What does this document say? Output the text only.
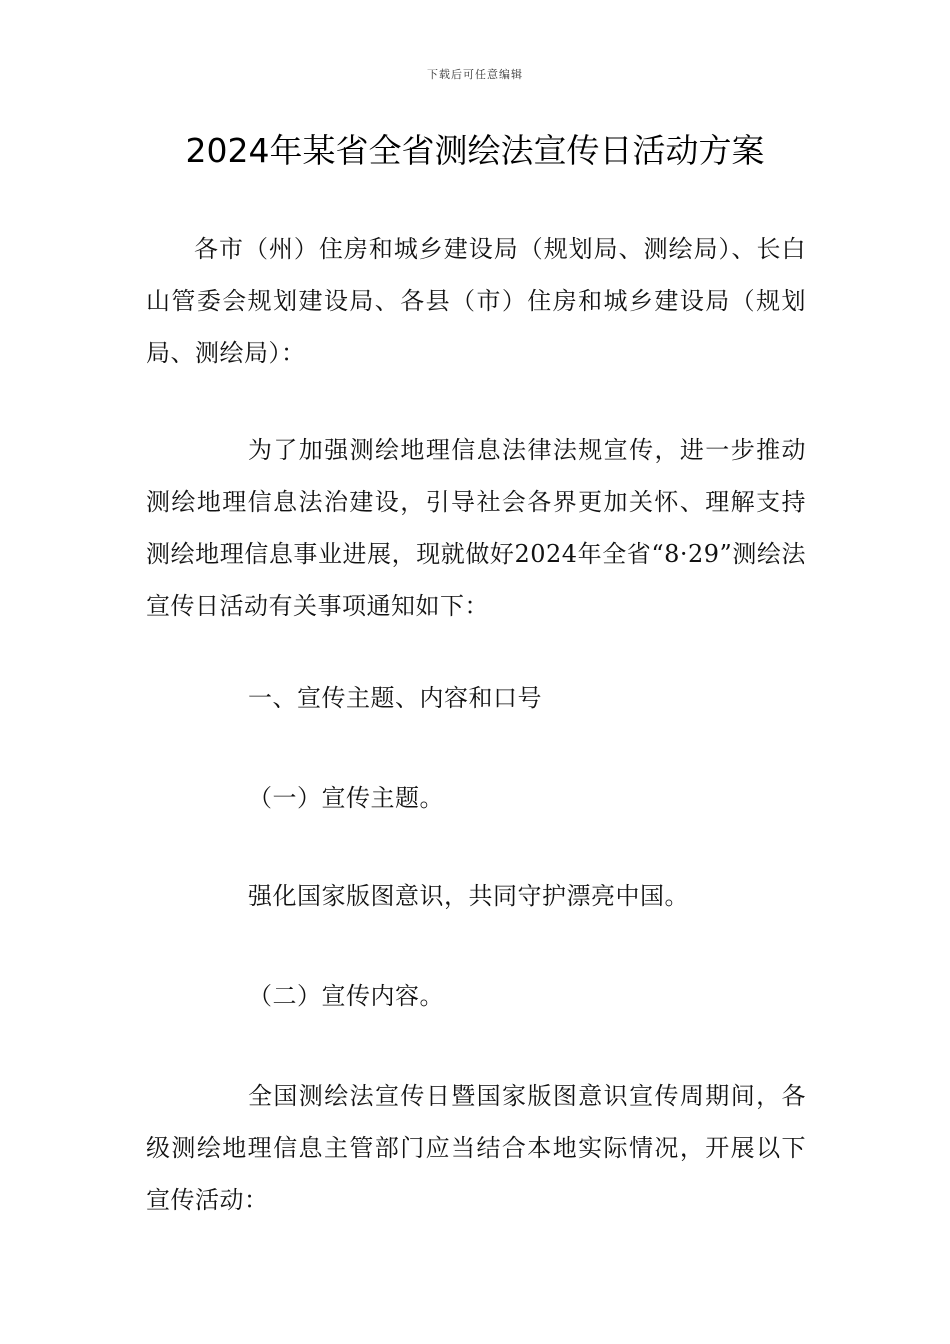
下载后可任意编辑
2024年某省全省测绘法宣传日活动方案

各市（州）住房和城乡建设局（规划局、测绘局）、长白山管委会规划建设局、各县（市）住房和城乡建设局（规划局、测绘局）：

为了加强测绘地理信息法律法规宣传，进一步推动测绘地理信息法治建设，引导社会各界更加关怀、理解支持测绘地理信息事业进展，现就做好2024年全省“8·29”测绘法宣传日活动有关事项通知如下：

一、宣传主题、内容和口号

（一）宣传主题。

强化国家版图意识，共同守护漂亮中国。

（二）宣传内容。

全国测绘法宣传日暨国家版图意识宣传周期间，各级测绘地理信息主管部门应当结合本地实际情况，开展以下宣传活动：
